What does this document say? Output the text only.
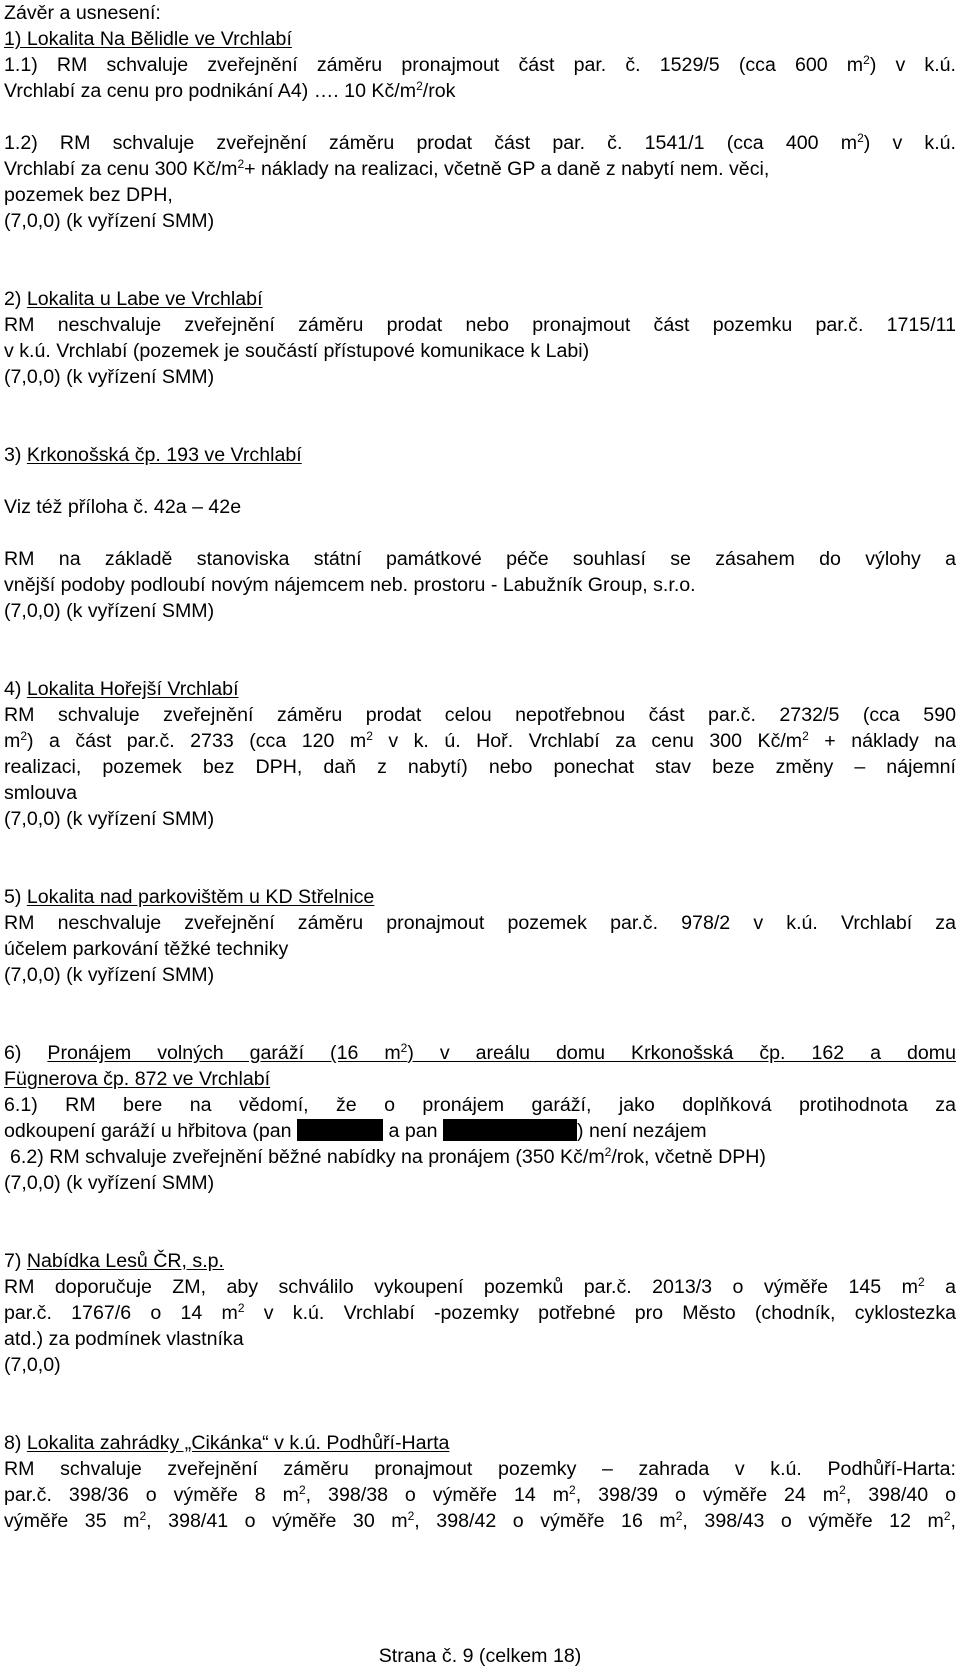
Závěr a usnesení:
1) Lokalita Na Bělidle ve Vrchlabí
1.1) RM schvaluje zveřejnění záměru pronajmout část par. č. 1529/5 (cca 600 $m^2$) v k.ú.
Vrchlabí za cenu pro podnikání A4) …. 10 $Kč/m^2$/rok
1.2) RM schvaluje zveřejnění záměru prodat část par. č. 1541/1 (cca 400 $m^2$) v k.ú.
Vrchlabí za cenu 300 $Kč/m^2+$ náklady na realizaci, včetně GP a daně z nabytí nem. věci,
pozemek bez DPH,
(7,0,0) (k vyřízení SMM)
2) Lokalita u Labe ve Vrchlabí
RM neschvaluje zveřejnění záměru prodat nebo pronajmout část pozemku par.č. 1715/11
v k.ú. Vrchlabí (pozemek je součástí přístupové komunikace k Labi)
(7,0,0) (k vyřízení SMM)
3) Krkonošská čp. 193 ve Vrchlabí
Viz též příloha č. 42a – 42e
RM na základě stanoviska státní památkové péče souhlasí se zásahem do výlohy a
vnější podoby podloubí novým nájemcem neb. prostoru - Labužník Group, s.r.o.
(7,0,0) (k vyřízení SMM)
4) Lokalita Hořejší Vrchlabí
RM schvaluje zveřejnění záměru prodat celou nepotřebnou část par.č. 2732/5 (cca 590
$m^2$) a část par.č. 2733 (cca 120 $m^2$ v k. ú. Hoř. Vrchlabí za cenu 300 $Kč/m^2$ + náklady na
realizaci, pozemek bez DPH, daň z nabytí) nebo ponechat stav beze změny – nájemní
smlouva
(7,0,0) (k vyřízení SMM)
5) Lokalita nad parkovištěm u KD Střelnice
RM neschvaluje zveřejnění záměru pronajmout pozemek par.č. 978/2 v k.ú. Vrchlabí za
účelem parkování těžké techniky
(7,0,0) (k vyřízení SMM)
6) Pronájem volných garáží (16 $m^2$) v areálu domu Krkonošská čp. 162 a domu
Fügnerova čp. 872 ve Vrchlabí
6.1) RM bere na vědomí, že o pronájem garáží, jako doplňková protihodnota za
odkoupení garáží u hřbitova (pan	a pan	) není nezájem
6.2) RM schvaluje zveřejnění běžné nabídky na pronájem (350 $Kč/m^2$/rok, včetně DPH)
(7,0,0) (k vyřízení SMM)
7) Nabídka Lesů ČR, s.p.
RM doporučuje ZM, aby schválilo vykoupení pozemků par.č. 2013/3 o výměře 145 $m^2$ a
par.č. 1767/6 o 14 $m^2$ v k.ú. Vrchlabí -pozemky potřebné pro Město (chodník, cyklostezka
atd.) za podmínek vlastníka
(7,0,0)
8) Lokalita zahrádky „Cikánka“ v k.ú. Podhůří-Harta
RM schvaluje zveřejnění záměru pronajmout pozemky – zahrada v k.ú. Podhůří-Harta:
par.č. 398/36 o výměře 8 $m^2$, 398/38 o výměře 14 $m^2$, 398/39 o výměře 24 $m^2$, 398/40 o
výměře 35 $m^2$, 398/41 o výměře 30 $m^2$, 398/42 o výměře 16 $m^2$, 398/43 o výměře 12 $m^2$,
Strana č. 9 (celkem 18)
